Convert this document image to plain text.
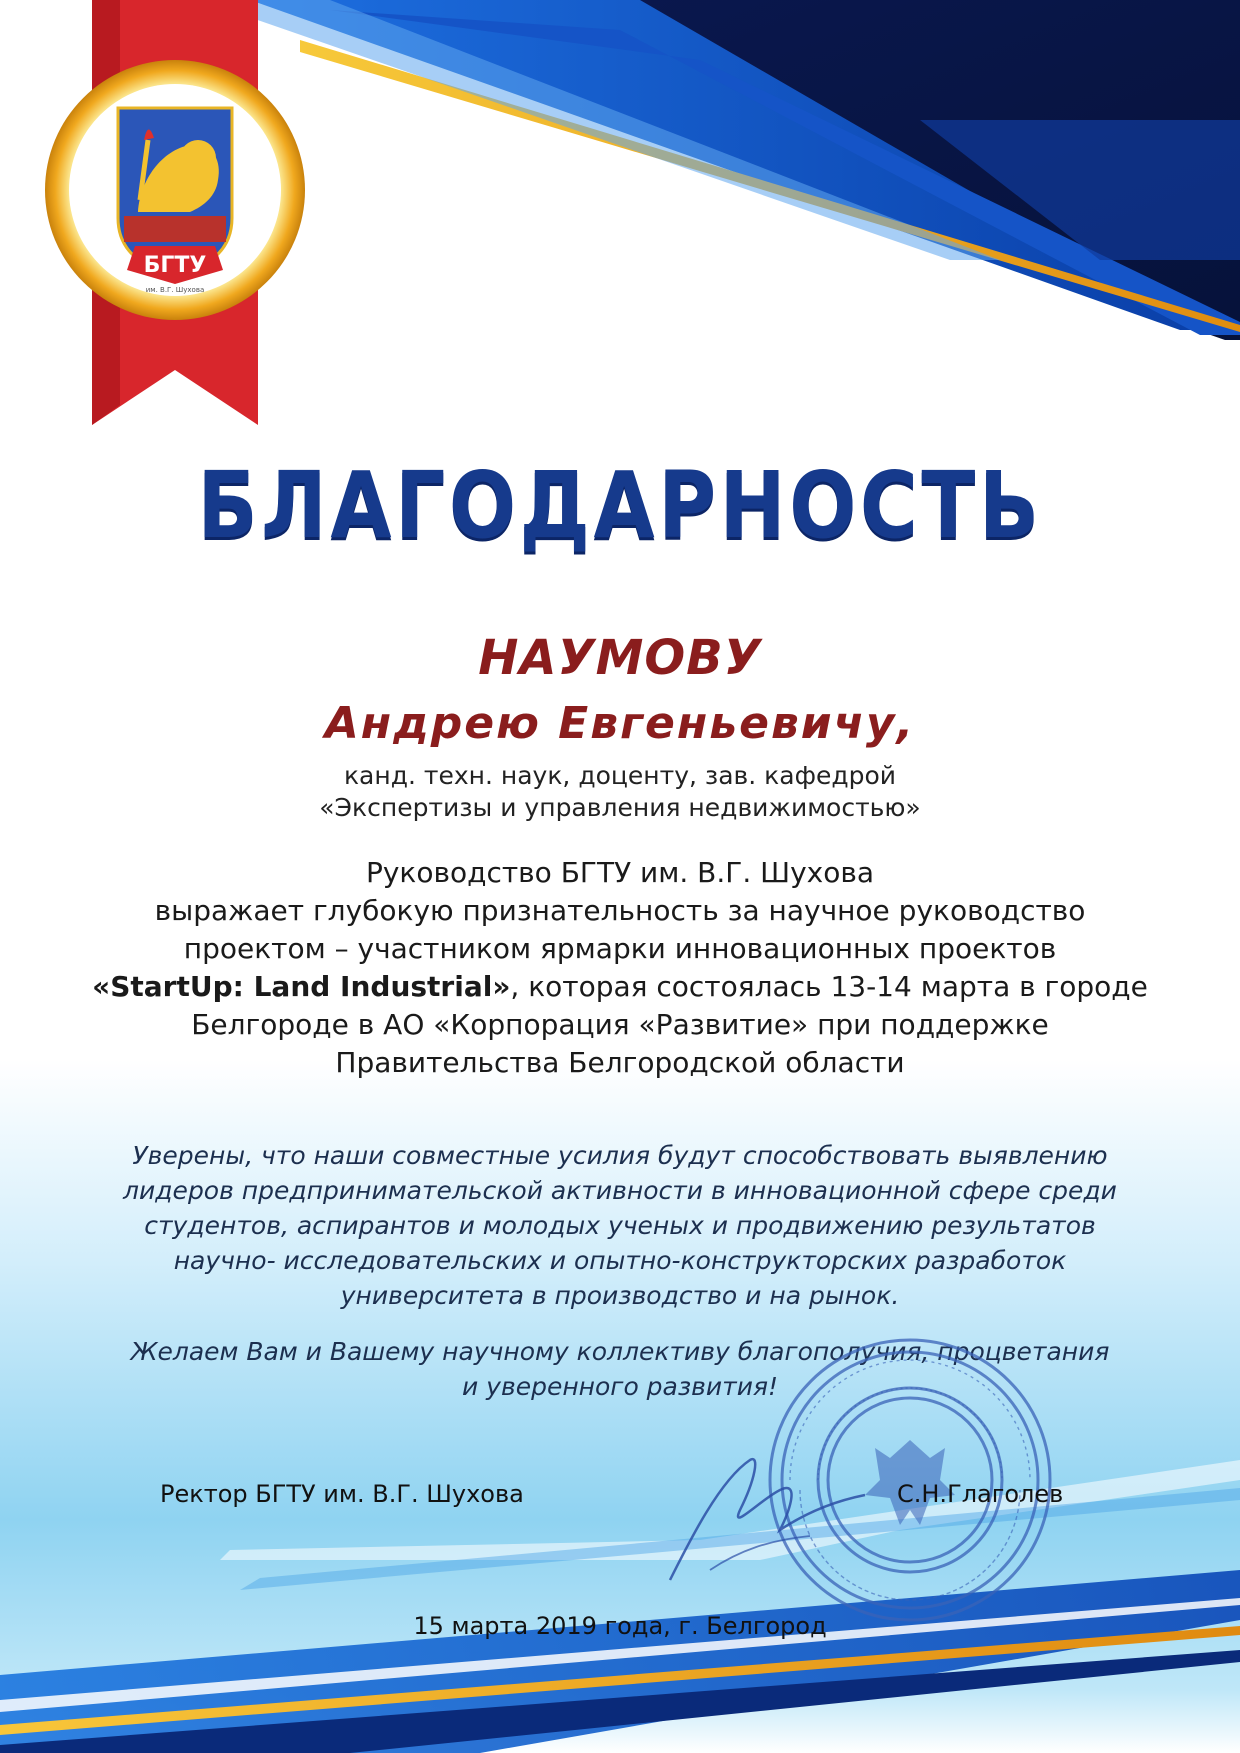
БГТУ
им. В.Г. Шухова
БЛАГОДАРНОСТЬ
НАУМОВУ
Андрею Евгеньевичу,
канд. техн. наук, доценту, зав. кафедрой
«Экспертизы и управления недвижимостью»
Руководство БГТУ им. В.Г. Шухова
выражает глубокую признательность за научное руководство
проектом – участником ярмарки инновационных проектов
«StartUp: Land Industrial», которая состоялась 13-14 марта в городе
Белгороде в АО «Корпорация «Развитие» при поддержке
Правительства Белгородской области
Уверены, что наши совместные усилия будут способствовать выявлению
лидеров предпринимательской активности в инновационной сфере среди
студентов, аспирантов и молодых ученых и продвижению результатов
научно- исследовательских и опытно-конструкторских разработок
университета в производство и на рынок.
Желаем Вам и Вашему научному коллективу благополучия, процветания
и уверенного развития!
Ректор БГТУ им. В.Г. Шухова	С.Н.Глаголев
15 марта 2019 года, г. Белгород
